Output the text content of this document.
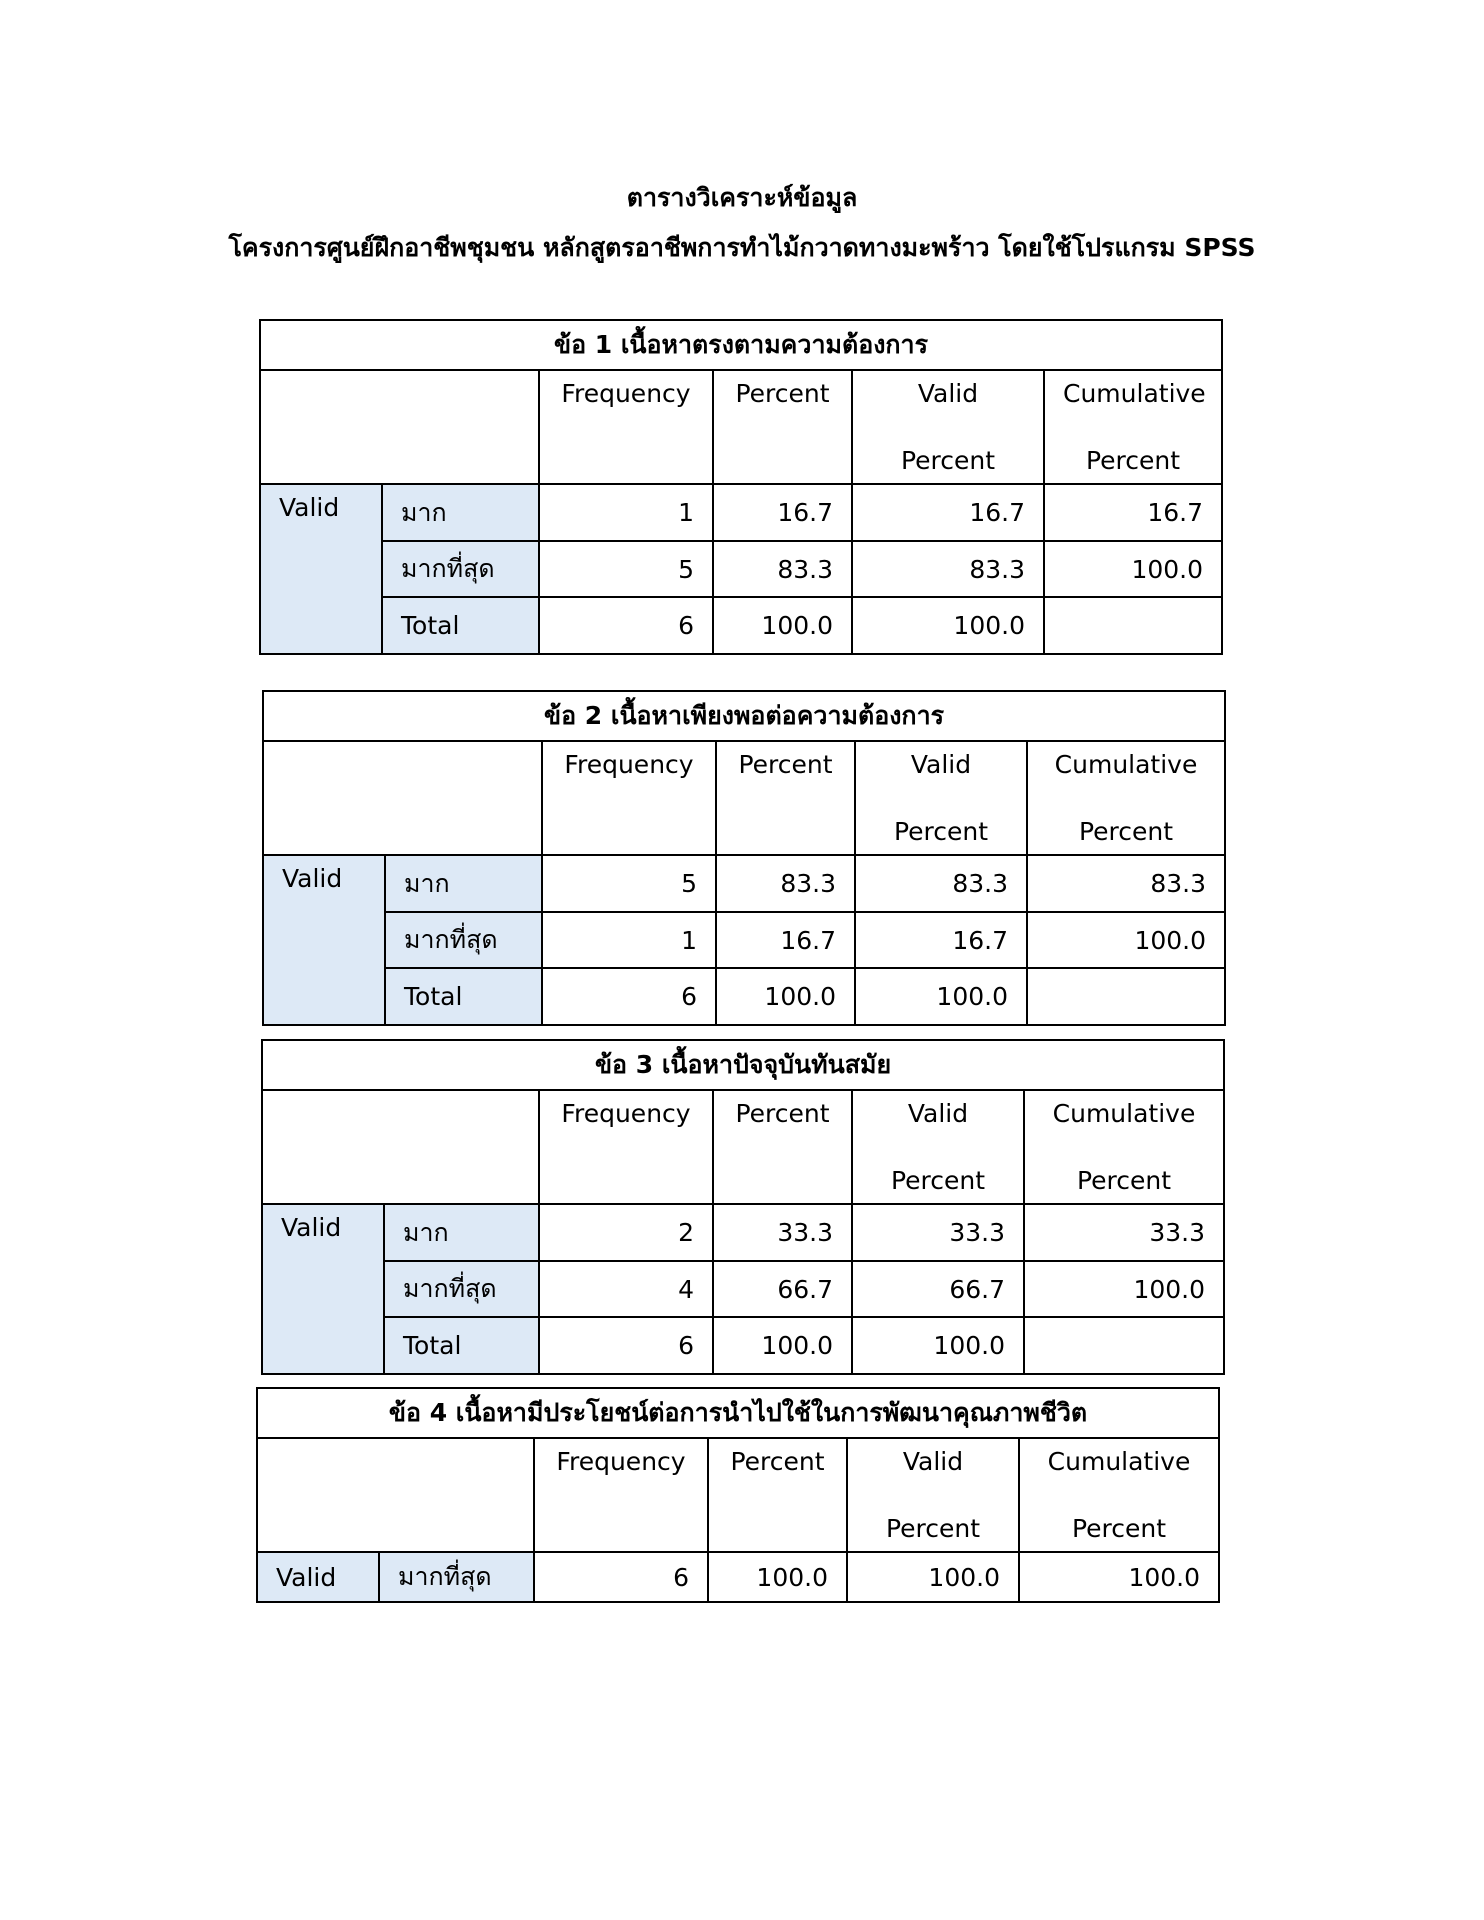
ตารางวิเคราะห์ข้อมูล
โครงการศูนย์ฝึกอาชีพชุมชน หลักสูตรอาชีพการทำไม้กวาดทางมะพร้าว โดยใช้โปรแกรม SPSS
ข้อ 1 เนื้อหาตรงตามความต้องการ					
		Frequency	Percent	Valid	Cumulative
				Percent	Percent
Valid	มาก	1	16.7	16.7	16.7
	มากที่สุด	5	83.3	83.3	100.0
	Total	6	100.0	100.0	
ข้อ 2 เนื้อหาเพียงพอต่อความต้องการ					
		Frequency	Percent	Valid	Cumulative
				Percent	Percent
Valid	มาก	5	83.3	83.3	83.3
	มากที่สุด	1	16.7	16.7	100.0
	Total	6	100.0	100.0	
ข้อ 3 เนื้อหาปัจจุบันทันสมัย					
		Frequency	Percent	Valid	Cumulative
				Percent	Percent
Valid	มาก	2	33.3	33.3	33.3
	มากที่สุด	4	66.7	66.7	100.0
	Total	6	100.0	100.0	
ข้อ 4 เนื้อหามีประโยชน์ต่อการนำไปใช้ในการพัฒนาคุณภาพชีวิต					
		Frequency	Percent	Valid	Cumulative
				Percent	Percent
Valid	มากที่สุด	6	100.0	100.0	100.0
